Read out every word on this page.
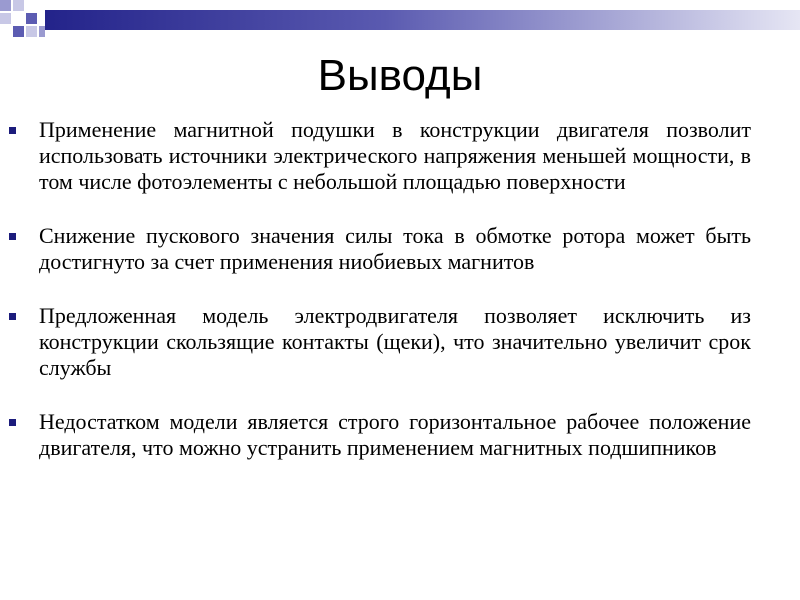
Выводы
Применение магнитной подушки в конструкции двигателя позволит использовать источники электрического напряжения меньшей мощности, в том числе фотоэлементы с небольшой площадью поверхности
Снижение пускового значения силы тока в обмотке ротора может быть достигнуто за счет применения ниобиевых магнитов
Предложенная модель электродвигателя позволяет исключить из конструкции скользящие контакты (щеки), что значительно увеличит срок службы
Недостатком модели является строго горизонтальное рабочее положение двигателя, что можно устранить применением магнитных подшипников
